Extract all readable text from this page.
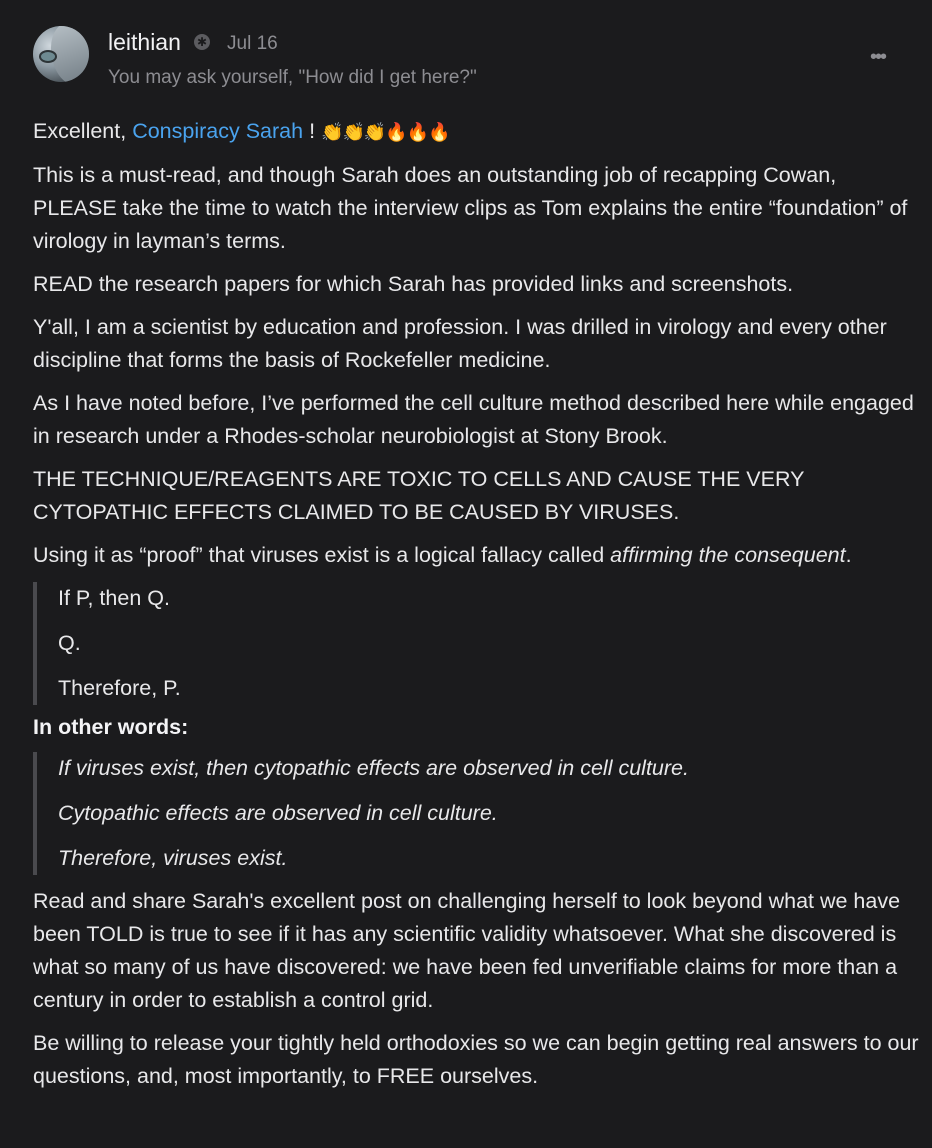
leithian ✱ Jul 16
You may ask yourself, "How did I get here?"
•••

Excellent, Conspiracy Sarah ! 👏👏👏🔥🔥🔥

This is a must-read, and though Sarah does an outstanding job of recapping Cowan, PLEASE take the time to watch the interview clips as Tom explains the entire “foundation” of virology in layman’s terms.

READ the research papers for which Sarah has provided links and screenshots.

Y'all, I am a scientist by education and profession. I was drilled in virology and every other discipline that forms the basis of Rockefeller medicine.

As I have noted before, I’ve performed the cell culture method described here while engaged in research under a Rhodes-scholar neurobiologist at Stony Brook.

THE TECHNIQUE/REAGENTS ARE TOXIC TO CELLS AND CAUSE THE VERY CYTOPATHIC EFFECTS CLAIMED TO BE CAUSED BY VIRUSES.

Using it as “proof” that viruses exist is a logical fallacy called affirming the consequent.

If P, then Q.

Q.

Therefore, P.

In other words:

If viruses exist, then cytopathic effects are observed in cell culture.

Cytopathic effects are observed in cell culture.

Therefore, viruses exist.

Read and share Sarah's excellent post on challenging herself to look beyond what we have been TOLD is true to see if it has any scientific validity whatsoever. What she discovered is what so many of us have discovered: we have been fed unverifiable claims for more than a century in order to establish a control grid.

Be willing to release your tightly held orthodoxies so we can begin getting real answers to our questions, and, most importantly, to FREE ourselves.
